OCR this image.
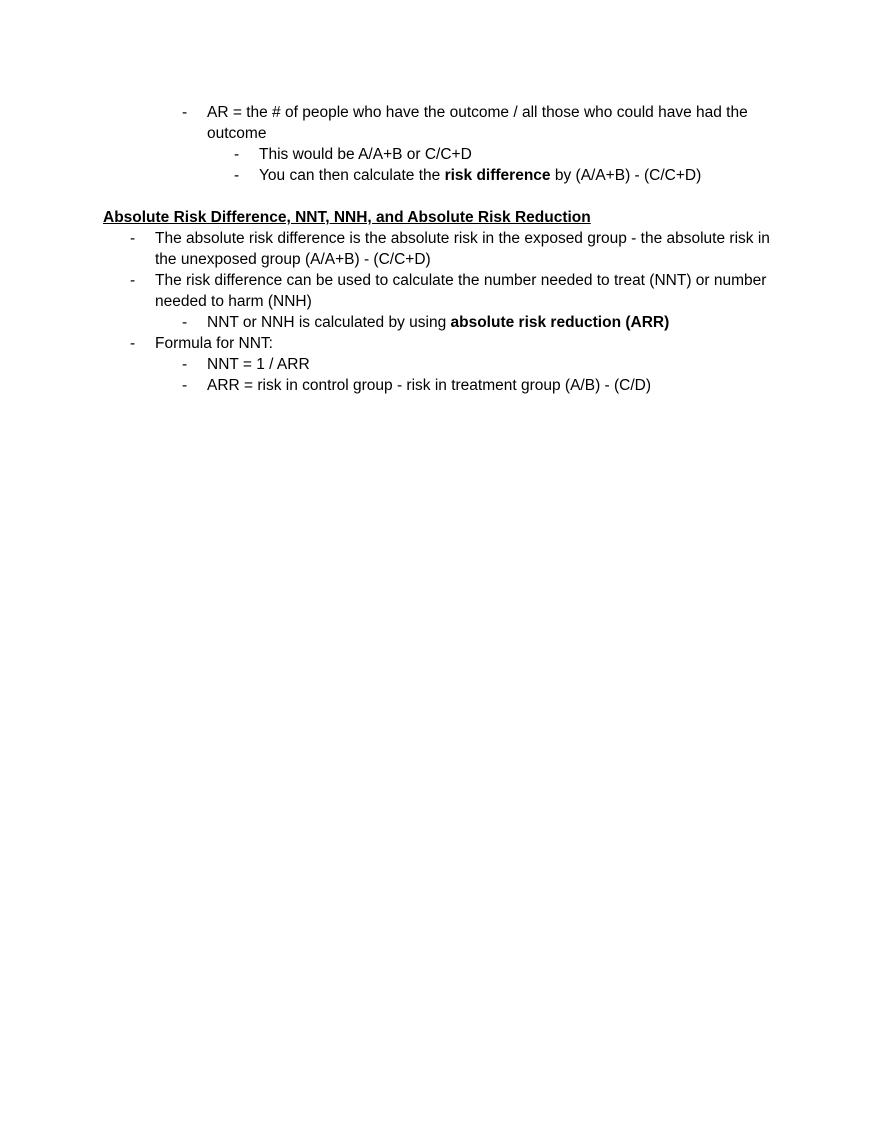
- AR = the # of people who have the outcome / all those who could have had the outcome
- This would be A/A+B or C/C+D
- You can then calculate the risk difference by (A/A+B) - (C/C+D)
Absolute Risk Difference, NNT, NNH, and Absolute Risk Reduction
- The absolute risk difference is the absolute risk in the exposed group - the absolute risk in the unexposed group (A/A+B) - (C/C+D)
- The risk difference can be used to calculate the number needed to treat (NNT) or number needed to harm (NNH)
- NNT or NNH is calculated by using absolute risk reduction (ARR)
- Formula for NNT:
- NNT = 1 / ARR
- ARR = risk in control group - risk in treatment group (A/B) - (C/D)
